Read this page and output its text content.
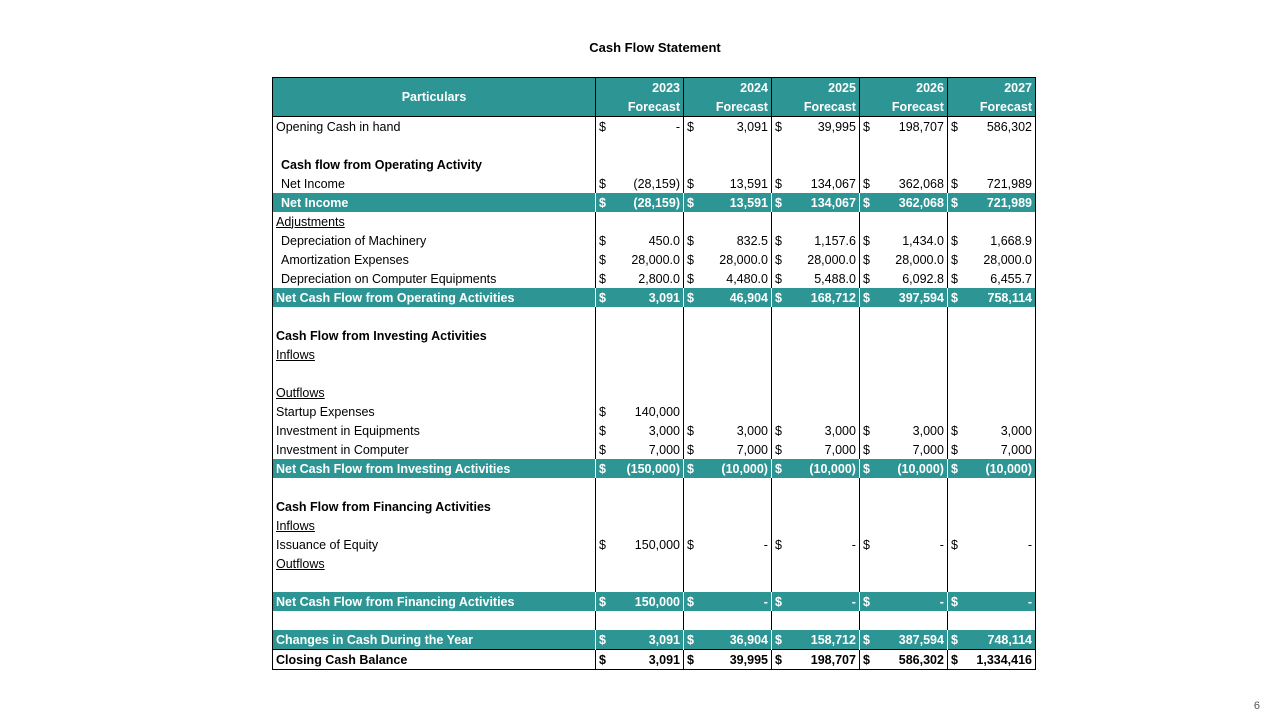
Cash Flow Statement
Particulars	2023		2024		2025		2026		2027	
	Forecast		Forecast		Forecast		Forecast		Forecast	
Opening Cash in hand	$	-	$	3,091	$	39,995	$	198,707	$	586,302

Cash flow from Operating Activity										
Net Income	$	(28,159)	$	13,591	$	134,067	$	362,068	$	721,989
Net Income	$	(28,159)	$	13,591	$	134,067	$	362,068	$	721,989
Adjustments										
Depreciation of Machinery	$	450.0	$	832.5	$	1,157.6	$	1,434.0	$	1,668.9
Amortization Expenses	$	28,000.0	$	28,000.0	$	28,000.0	$	28,000.0	$	28,000.0
Depreciation on Computer Equipments	$	2,800.0	$	4,480.0	$	5,488.0	$	6,092.8	$	6,455.7
Net Cash Flow from Operating Activities	$	3,091	$	46,904	$	168,712	$	397,594	$	758,114

Cash Flow from Investing Activities										
Inflows										

Outflows										
Startup Expenses	$	140,000								
Investment in Equipments	$	3,000	$	3,000	$	3,000	$	3,000	$	3,000
Investment in Computer	$	7,000	$	7,000	$	7,000	$	7,000	$	7,000
Net Cash Flow from Investing Activities	$	(150,000)	$	(10,000)	$	(10,000)	$	(10,000)	$	(10,000)

Cash Flow from Financing Activities										
Inflows										
Issuance of Equity	$	150,000	$	-	$	-	$	-	$	-
Outflows										

Net Cash Flow from Financing Activities	$	150,000	$	-	$	-	$	-	$	-

Changes in Cash During the Year	$	3,091	$	36,904	$	158,712	$	387,594	$	748,114
Closing Cash Balance	$	3,091	$	39,995	$	198,707	$	586,302	$	1,334,416
6
